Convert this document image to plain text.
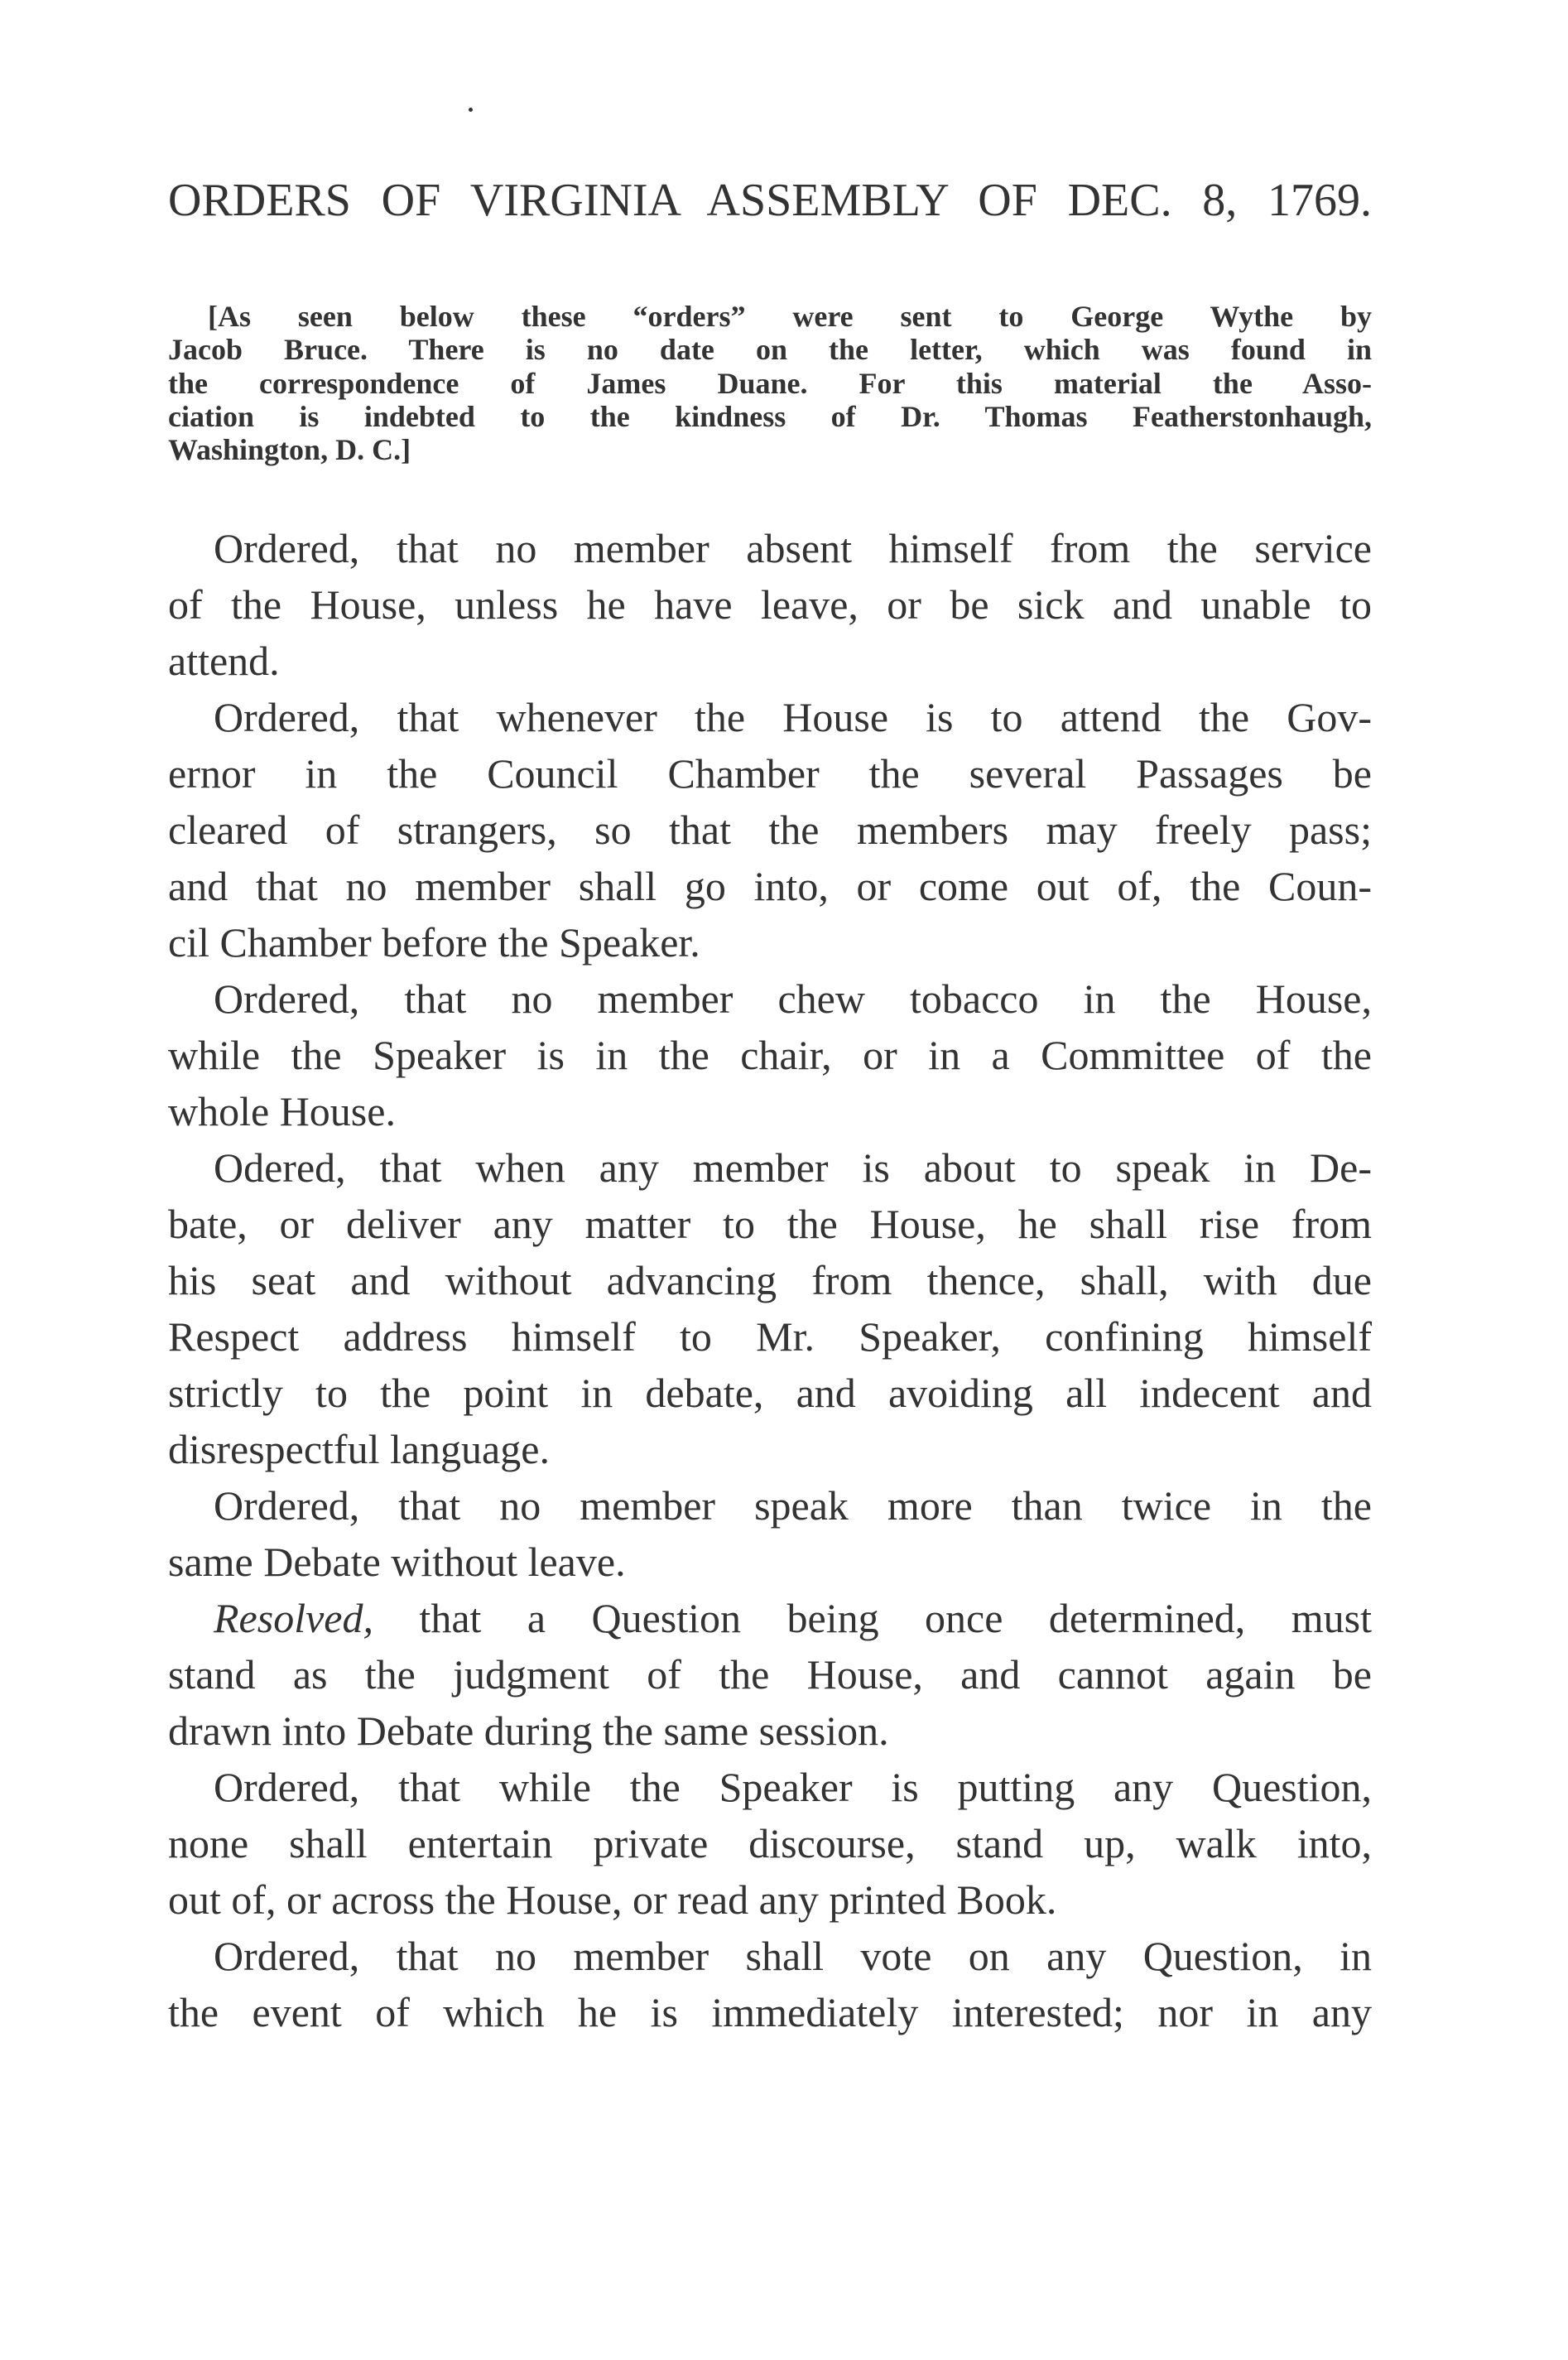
ORDERS OF VIRGINIA ASSEMBLY OF DEC. 8, 1769.
[As seen below these “orders” were sent to George Wythe by
Jacob Bruce. There is no date on the letter, which was found in
the correspondence of James Duane. For this material the Asso-
ciation is indebted to the kindness of Dr. Thomas Featherstonhaugh,
Washington, D. C.]
Ordered, that no member absent himself from the service
of the House, unless he have leave, or be sick and unable to
attend.
Ordered, that whenever the House is to attend the Gov-
ernor in the Council Chamber the several Passages be
cleared of strangers, so that the members may freely pass;
and that no member shall go into, or come out of, the Coun-
cil Chamber before the Speaker.
Ordered, that no member chew tobacco in the House,
while the Speaker is in the chair, or in a Committee of the
whole House.
Odered, that when any member is about to speak in De-
bate, or deliver any matter to the House, he shall rise from
his seat and without advancing from thence, shall, with due
Respect address himself to Mr. Speaker, confining himself
strictly to the point in debate, and avoiding all indecent and
disrespectful language.
Ordered, that no member speak more than twice in the
same Debate without leave.
Resolved, that a Question being once determined, must
stand as the judgment of the House, and cannot again be
drawn into Debate during the same session.
Ordered, that while the Speaker is putting any Question,
none shall entertain private discourse, stand up, walk into,
out of, or across the House, or read any printed Book.
Ordered, that no member shall vote on any Question, in
the event of which he is immediately interested; nor in any
